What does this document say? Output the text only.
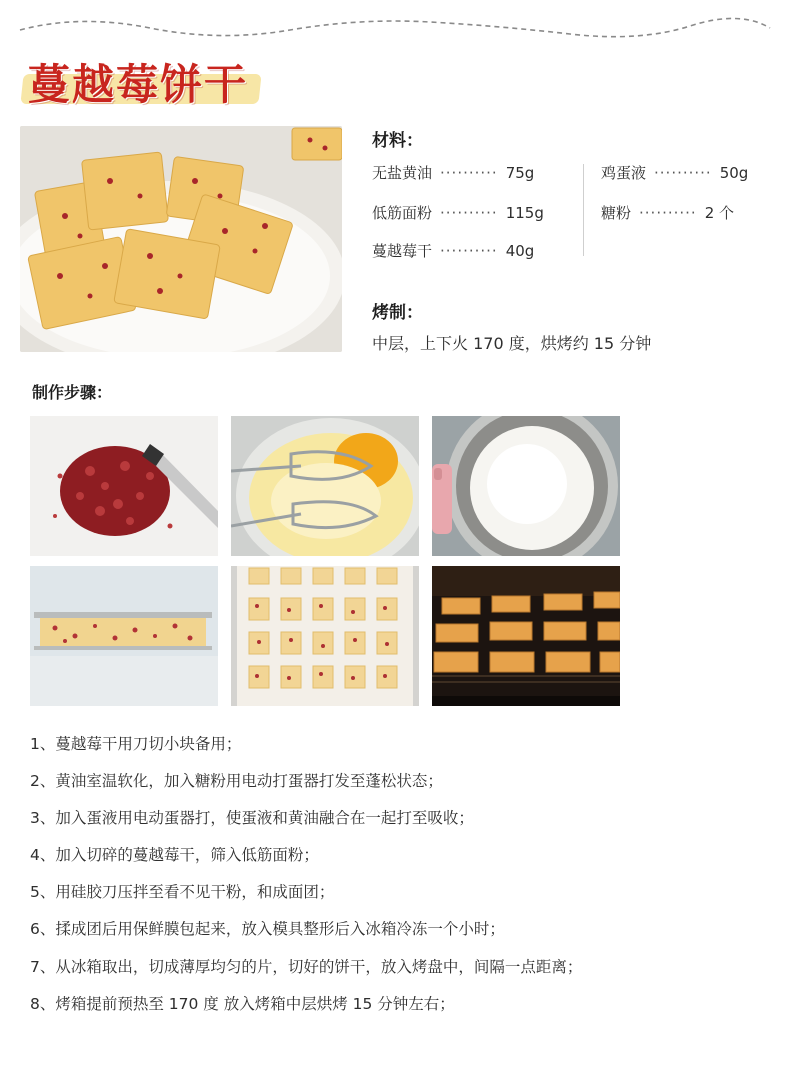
蔓越莓饼干
材料：
无盐黄油 ·········· 75g
低筋面粉 ·········· 115g
蔓越莓干 ·········· 40g
鸡蛋液 ·········· 50g
糖粉 ·········· 2 个
烤制：

中层，上下火 170 度，烘烤约 15 分钟

制作步骤：

1、蔓越莓干用刀切小块备用；

2、黄油室温软化，加入糖粉用电动打蛋器打发至蓬松状态；

3、加入蛋液用电动蛋器打，使蛋液和黄油融合在一起打至吸收；

4、加入切碎的蔓越莓干，筛入低筋面粉；

5、用硅胶刀压拌至看不见干粉，和成面团；

6、揉成团后用保鲜膜包起来，放入模具整形后入冰箱冷冻一个小时；

7、从冰箱取出，切成薄厚均匀的片，切好的饼干，放入烤盘中，间隔一点距离；

8、烤箱提前预热至 170 度 放入烤箱中层烘烤 15 分钟左右；
